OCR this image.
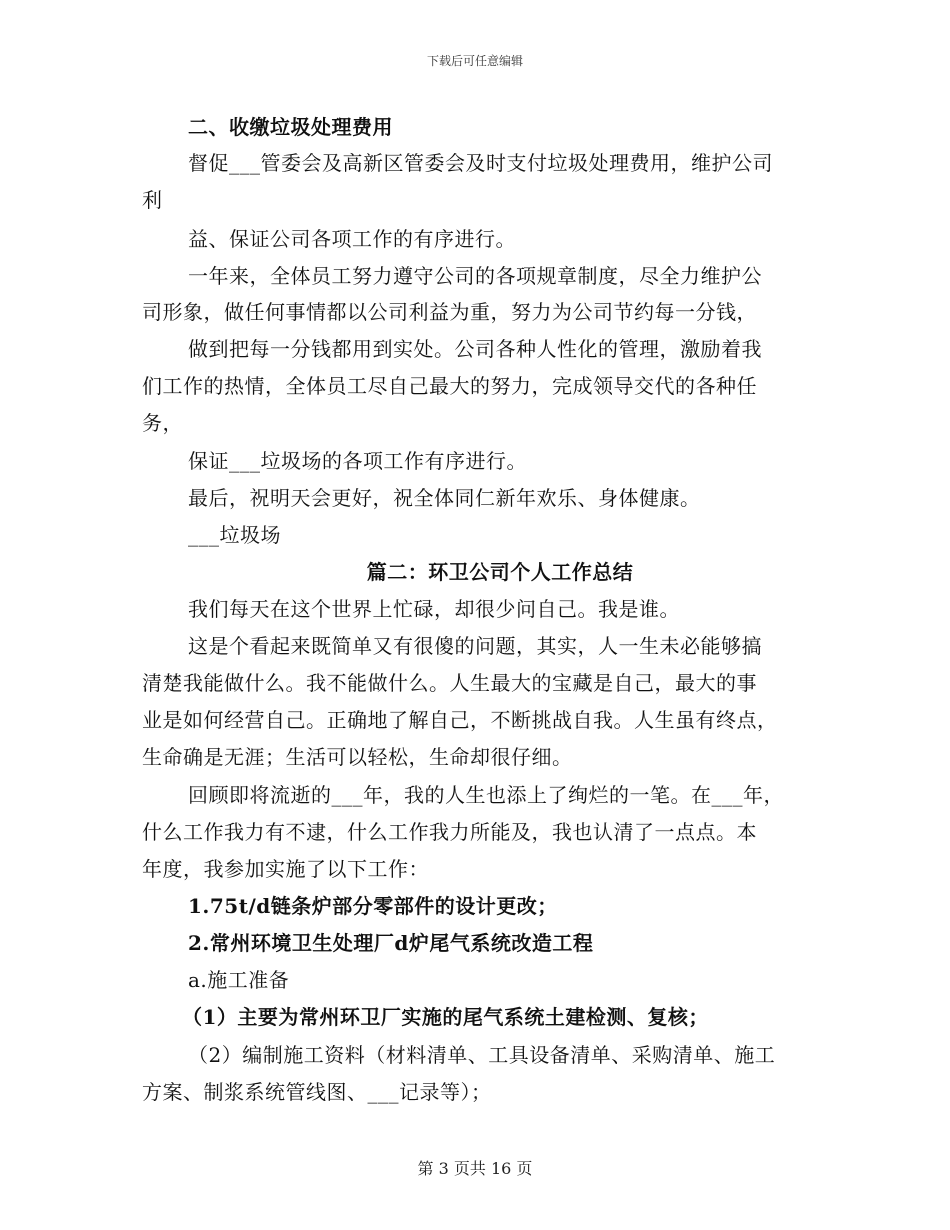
下载后可任意编辑
二、收缴垃圾处理费用
督促___管委会及高新区管委会及时支付垃圾处理费用，维护公司
利
益、保证公司各项工作的有序进行。
一年来，全体员工努力遵守公司的各项规章制度，尽全力维护公
司形象，做任何事情都以公司利益为重，努力为公司节约每一分钱，
做到把每一分钱都用到实处。公司各种人性化的管理，激励着我
们工作的热情，全体员工尽自己最大的努力，完成领导交代的各种任
务，
保证___垃圾场的各项工作有序进行。
最后，祝明天会更好，祝全体同仁新年欢乐、身体健康。
___垃圾场
篇二：环卫公司个人工作总结
我们每天在这个世界上忙碌，却很少问自己。我是谁。
这是个看起来既简单又有很傻的问题，其实，人一生未必能够搞
清楚我能做什么。我不能做什么。人生最大的宝藏是自己，最大的事
业是如何经营自己。正确地了解自己，不断挑战自我。人生虽有终点，
生命确是无涯；生活可以轻松，生命却很仔细。
回顾即将流逝的___年，我的人生也添上了绚烂的一笔。在___年，
什么工作我力有不逮，什么工作我力所能及，我也认清了一点点。本
年度，我参加实施了以下工作：
1.75t/d链条炉部分零部件的设计更改；
2.常州环境卫生处理厂d炉尾气系统改造工程
a.施工准备
（1）主要为常州环卫厂实施的尾气系统土建检测、复核；
（2）编制施工资料（材料清单、工具设备清单、采购清单、施工
方案、制浆系统管线图、___记录等）；
第 3 页共 16 页
